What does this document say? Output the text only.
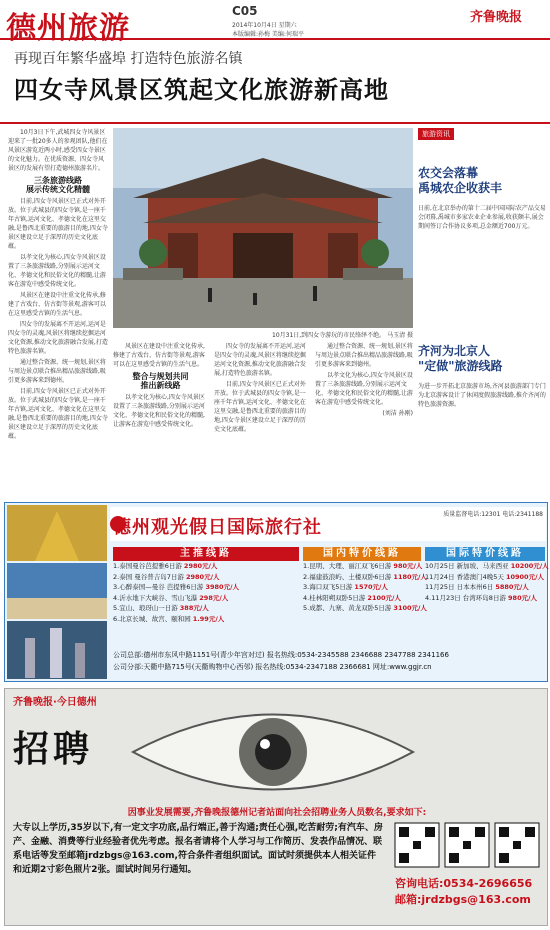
德州旅游	C05
2014年10月4日 星期六
本版编辑:孙梅 美编:何瑞平
齐鲁晚报
再现百年繁华盛埠 打造特色旅游名镇
四女寺风景区筑起文化旅游新高地

10月3日下午,武城四女寺风景区迎来了一批20多人的参观团队,他们在风景区游览近两小时,感受四女寺景区的文化魅力。在优质资源、四女寺风景区的发展有望打造德州旅游名片。

三条旅游线路
展示传统文化精髓

目前,四女寺风景区已正式对外开放。位于武城县的四女寺镇,是一座千年古镇,运河文化、孝德文化在这里交融,是鲁西北重要的旅游目的地,四女寺景区建设立足于深厚的历史文化底蕴。

以孝文化为核心,四女寺风景区设置了三条旅游线路,分别展示运河文化、孝德文化和民俗文化的精髓,让游客在游览中感受传统文化。

风景区在建设中注重文化传承,修建了古戏台、仿古街等景观,游客可以在这里感受古镇的生活气息。

四女寺的发展离不开运河,运河是四女寺的灵魂,风景区将继续挖掘运河文化资源,推动文化旅游融合发展,打造特色旅游名镇。

通过整合资源、统一规划,景区将与周边景点联合推出精品旅游线路,吸引更多游客来到德州。

目前,四女寺风景区已正式对外开放。位于武城县的四女寺镇,是一座千年古镇,运河文化、孝德文化在这里交融,是鲁西北重要的旅游目的地,四女寺景区建设立足于深厚的历史文化底蕴。

10月31日,到四女寺游玩的市民络绎不绝。 马玉清 摄

风景区在建设中注重文化传承,修建了古戏台、仿古街等景观,游客可以在这里感受古镇的生活气息。

整合与规划共同
推出新线路

以孝文化为核心,四女寺风景区设置了三条旅游线路,分别展示运河文化、孝德文化和民俗文化的精髓,让游客在游览中感受传统文化。

四女寺的发展离不开运河,运河是四女寺的灵魂,风景区将继续挖掘运河文化资源,推动文化旅游融合发展,打造特色旅游名镇。

目前,四女寺风景区已正式对外开放。位于武城县的四女寺镇,是一座千年古镇,运河文化、孝德文化在这里交融,是鲁西北重要的旅游目的地,四女寺景区建设立足于深厚的历史文化底蕴。

通过整合资源、统一规划,景区将与周边景点联合推出精品旅游线路,吸引更多游客来到德州。

以孝文化为核心,四女寺风景区设置了三条旅游线路,分别展示运河文化、孝德文化和民俗文化的精髓,让游客在游览中感受传统文化。

(刘洁 孙刚)

旅游资讯
农交会落幕
禹城农企收获丰
日前,在北京举办的第十二届中国国际农产品交易会闭幕,禹城市多家农业企业参展,收获颇丰,展会期间签订合作协议多项,总金额近700万元。
齐河为北京人
"定做"旅游线路
为进一步开拓北京旅游市场,齐河县旅游部门专门为北京游客设计了休闲度假旅游线路,推介齐河的特色旅游资源。
德州观光假日国际旅行社
质量监督电话:12301 电话:2341188
主推线路
1.泰国曼谷芭提雅6日游 2980元/人
2.泰国 曼谷普吉岛7日游 2980元/人
3.心醉泰国—曼谷 芭提雅6日游 3980元/人
4.沂水地下大峡谷、雪山飞瀑 298元/人
5.宜山、琅玡山一日游 388元/人
6.北京长城、故宫、颐和园 1.99元/人
国内特价线路
1.昆明、大理、丽江双飞6日游 980元/人
2.福建鼓浪屿、土楼双卧6日游 1180元/人
3.海口双飞5日游 1570元/人
4.桂林阳朔双卧5日游 2100元/人
5.成都、九寨、黄龙双卧5日游 3100元/人
国际特价线路
10月25日 新加坡、马来西亚 10200元/人
11月24日 香港澳门4晚5天 10900元/人
11月25日 日本本州6日 5880元/人
4.11月23日 台湾环岛8日游 980元/人
公司总部:德州市东风中路1151号(青少年宫对过) 报名热线:0534-2345588 2346688 2347788 2341166
公司分部:天衢中路715号(天衢购物中心西邻) 报名热线:0534-2347188 2366681 网址:www.ggjr.cn
齐鲁晚报·今日德州
招聘
因事业发展需要,齐鲁晚报德州记者站面向社会招聘业务人员数名,要求如下:
大专以上学历,35岁以下,有一定文字功底,品行端正,善于沟通;责任心强,吃苦耐劳;有汽车、房产、金融、消费等行业经验者优先考虑。报名者请将个人学习与工作简历、发表作品情况、联系电话等发至邮箱jrdzbgs@163.com,符合条件者组织面试。面试时须提供本人相关证件和近期2寸彩色照片2张。面试时间另行通知。
咨询电话:0534-2696656
邮箱:jrdzbgs@163.com
